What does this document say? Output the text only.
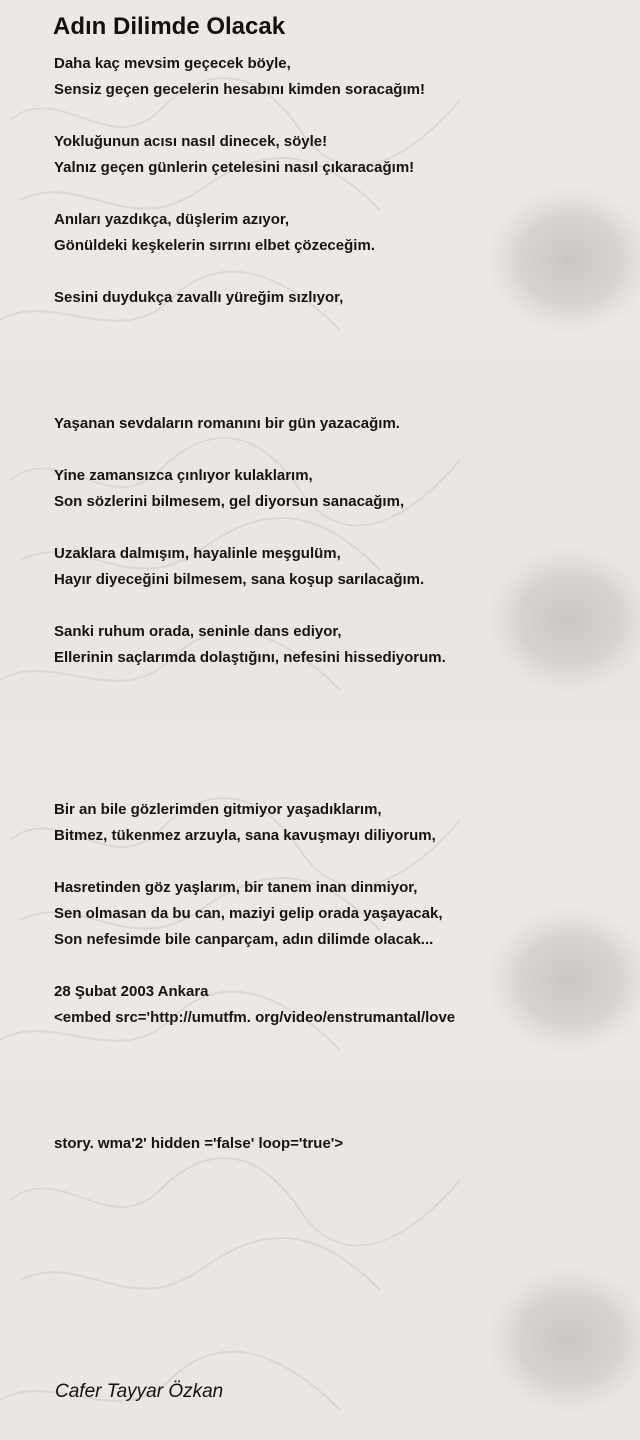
Adın Dilimde Olacak
Daha kaç mevsim geçecek böyle,
Sensiz geçen gecelerin hesabını kimden soracağım!
Yokluğunun acısı nasıl dinecek, söyle!
Yalnız geçen günlerin çetelesini nasıl çıkaracağım!
Anıları yazdıkça, düşlerim azıyor,
Gönüldeki keşkelerin sırrını elbet çözeceğim.
Sesini duydukça zavallı yüreğim sızlıyor,
Yaşanan sevdaların romanını bir gün yazacağım.
Yine zamansızca çınlıyor kulaklarım,
Son sözlerini bilmesem, gel diyorsun sanacağım,
Uzaklara dalmışım, hayalinle meşgulüm,
Hayır diyeceğini bilmesem, sana koşup sarılacağım.
Sanki ruhum orada, seninle dans ediyor,
Ellerinin saçlarımda dolaştığını, nefesini hissediyorum.
Bir an bile gözlerimden gitmiyor yaşadıklarım,
Bitmez, tükenmez arzuyla, sana kavuşmayı diliyorum,
Hasretinden göz yaşlarım, bir tanem inan dinmiyor,
Sen olmasan da bu can, maziyi gelip orada yaşayacak,
Son nefesimde bile canparçam, adın dilimde olacak...
28 Şubat 2003 Ankara
<embed src='http://umutfm. org/video/enstrumantal/love
story. wma'2' hidden ='false' loop='true'>
Cafer Tayyar Özkan
